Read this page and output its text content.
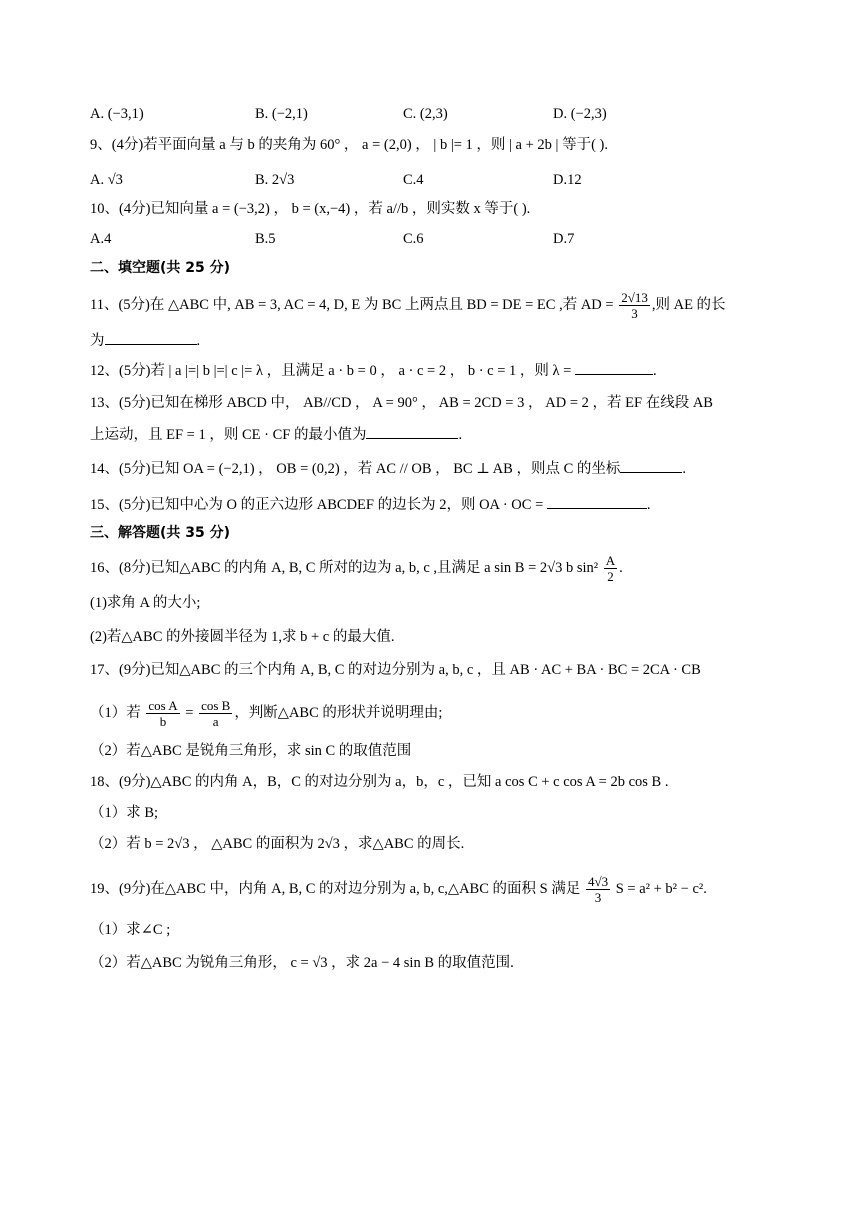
A. (−3,1)	B. (−2,1)	C. (2,3)	D. (−2,3)
9、(4分)若平面向量 a 与 b 的夹角为 60° ， a = (2,0) ， | b |= 1 ，则 | a + 2b | 等于( ).
A. √3	B. 2√3	C.4	D.12
10、(4分)已知向量 a = (−3,2) ， b = (x,−4) ，若 a//b ，则实数 x 等于( ).
A.4	B.5	C.6	D.7
二、填空题(共 25 分)
11、(5分)在 △ABC 中, AB = 3, AC = 4, D, E 为 BC 上两点且 BD = DE = EC ,若 AD = $\frac{2√13}{3}$ ,则 AE 的长
为	.
12、(5分)若 | a |=| b |=| c |= λ ，且满足 a · b = 0 ， a · c = 2 ， b · c = 1 ，则 λ =	.
13、(5分)已知在梯形 ABCD 中， AB//CD ， A = 90° ， AB = 2CD = 3 ， AD = 2 ，若 EF 在线段 AB
上运动，且 EF = 1 ，则 CE · CF 的最小值为	.
14、(5分)已知 OA = (−2,1) ， OB = (0,2) ，若 AC // OB ， BC ⊥ AB ，则点 C 的坐标	.
15、(5分)已知中心为 O 的正六边形 ABCDEF 的边长为 2，则 OA · OC =	.
三、解答题(共 35 分)
16、(8分)已知△ABC 的内角 A, B, C 所对的边为 a, b, c ,且满足 a sin B = 2√3 b $\sin^2 \frac{A}{2}$ .
(1)求角 A 的大小;
(2)若△ABC 的外接圆半径为 1,求 b + c 的最大值.
17、(9分)已知△ABC 的三个内角 A, B, C 的对边分别为 a, b, c ，且 AB · AC + BA · BC = 2CA · CB
（1）若 $\frac{\text{cos A}}{b} = \frac{\text{cos B}}{a}$ ，判断△ABC 的形状并说明理由;
（2）若△ABC 是锐角三角形，求 sin C 的取值范围
18、(9分)△ABC 的内角 A，B，C 的对边分别为 a，b，c ，已知 a cos C + c cos A = 2b cos B .
（1）求 B;
（2）若 b = 2√3 ， △ABC 的面积为 2√3 ，求△ABC 的周长.
19、(9分)在△ABC 中，内角 A, B, C 的对边分别为 a, b, c,△ABC 的面积 S 满足 $\frac{4√3}{3}$ S = a² + b² − c².
（1）求∠C ;
（2）若△ABC 为锐角三角形， c = √3 ，求 2a − 4 sin B 的取值范围.
